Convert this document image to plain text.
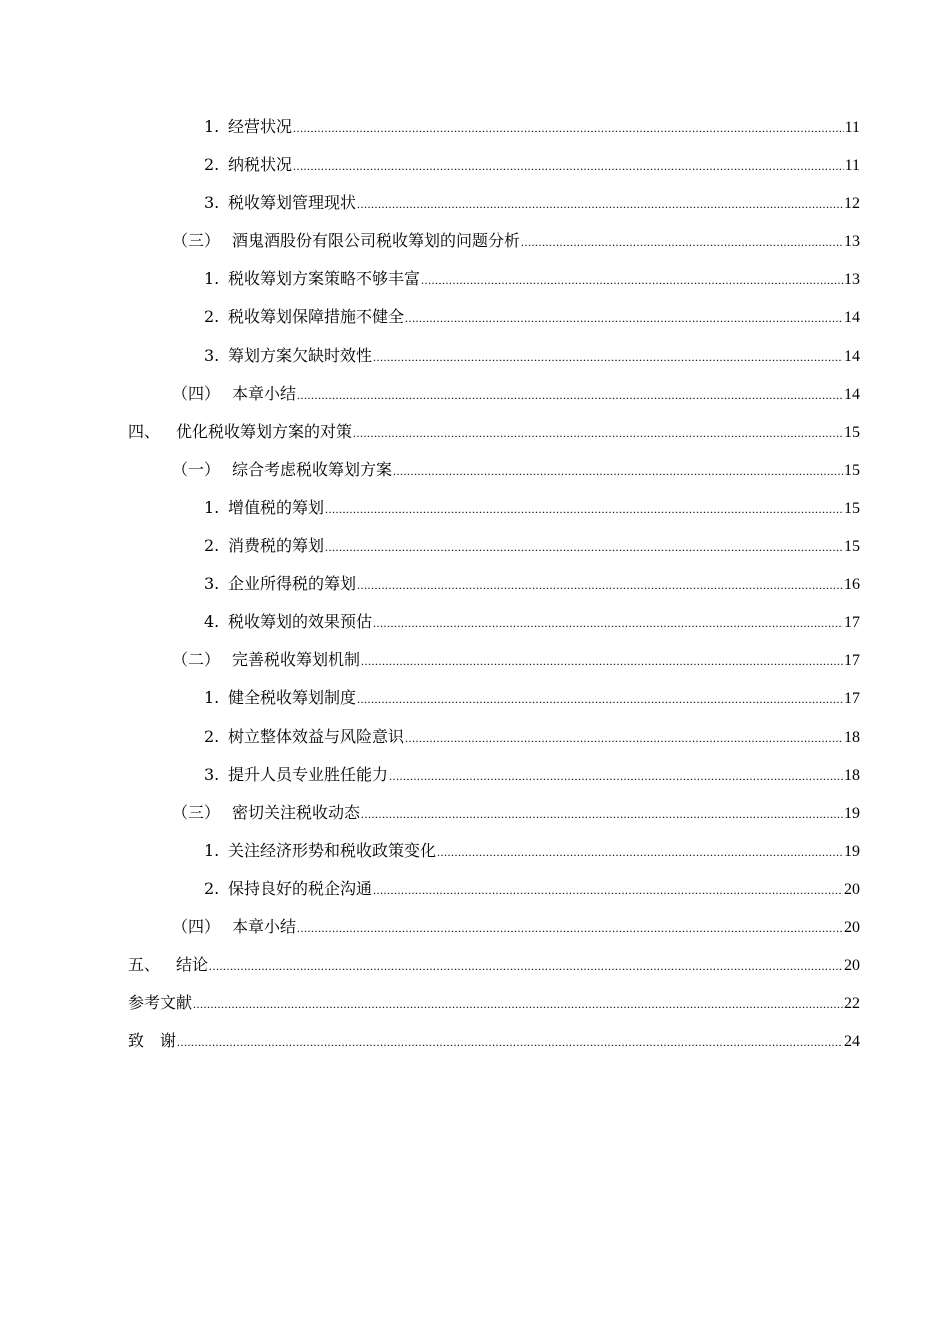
1. 经营状况 .....	11
2. 纳税状况 .....	11
3. 税收筹划管理现状 .....	12
（三） 酒鬼酒股份有限公司税收筹划的问题分析 .....	13
1. 税收筹划方案策略不够丰富 .....	13
2. 税收筹划保障措施不健全 .....	14
3. 筹划方案欠缺时效性 .....	14
（四） 本章小结 .....	14
四、 优化税收筹划方案的对策 .....	15
（一） 综合考虑税收筹划方案 .....	15
1. 增值税的筹划 .....	15
2. 消费税的筹划 .....	15
3. 企业所得税的筹划 .....	16
4. 税收筹划的效果预估 .....	17
（二） 完善税收筹划机制 .....	17
1. 健全税收筹划制度 .....	17
2. 树立整体效益与风险意识 .....	18
3. 提升人员专业胜任能力 .....	18
（三） 密切关注税收动态 .....	19
1. 关注经济形势和税收政策变化 .....	19
2. 保持良好的税企沟通 .....	20
（四） 本章小结 .....	20
五、 结论 .....	20
参考文献 .....	22
致　谢 .....	24
